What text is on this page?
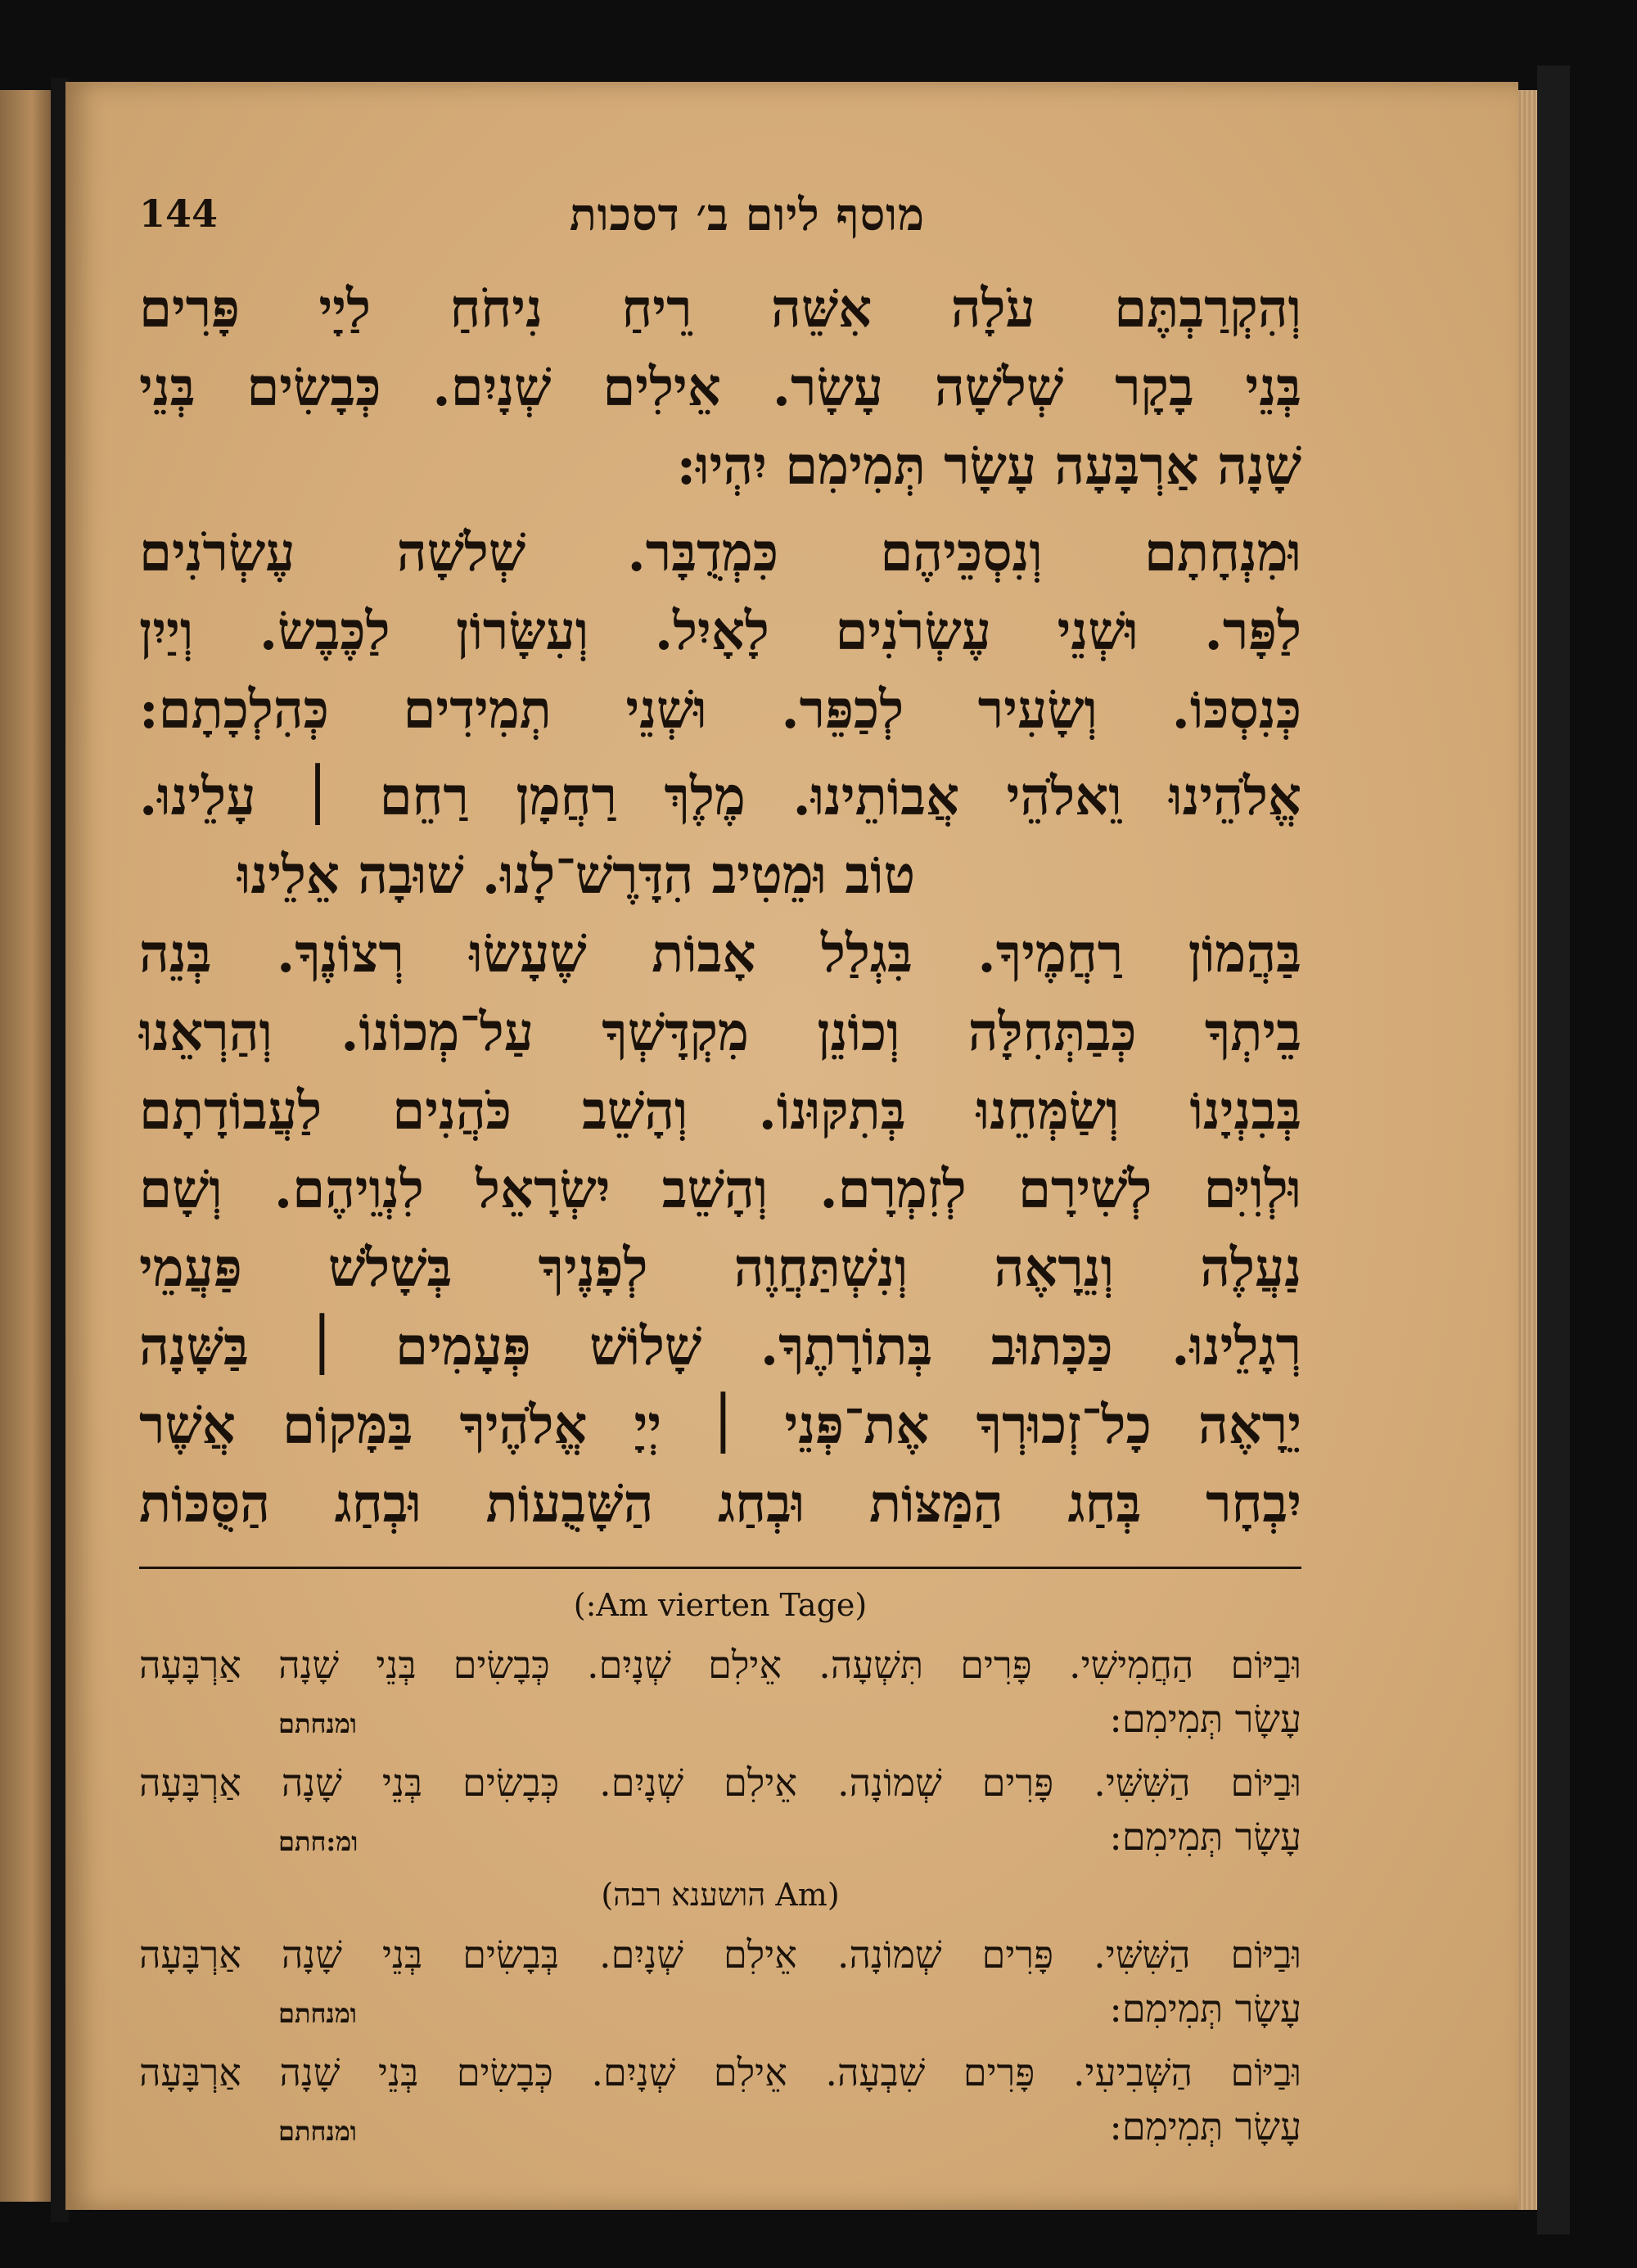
מוסף ליום ב׳ דסכות
144

וְהִקְרַבְתֶּם עֹלָה אִשֵּׁה רֵיחַ נִיחֹחַ לַיָי פָּרִים

בְּנֵי בָקָר שְׁלשָׁה עָשָׂר. אֵילִים שְׁנָיִם. כְּבָשִׂים בְּנֵי

שָׁנָה אַרְבָּעָה עָשָׂר תְּמִימִם יִהְיוּ:

וּמִנְחָתָם וְנִסְכֵּיהֶם כִּמְדֻבָּר. שְׁלשָׁה עֶשְׂרֹנִים

לַפָּר. וּשְׁנֵי עֶשְׂרֹנִים לָאָיִל. וְעִשָּׂרוֹן לַכֶּבֶשׂ. וְיַיִן

כְּנִסְכּוֹ. וְשָׂעִיר לְכַפֵּר. וּשְׁנֵי תְמִידִים כְּהִלְכָתָם:

אֱלֹהֵינוּ וֵאלֹהֵי אֲבוֹתֵינוּ. מֶלֶךְ רַחֲמָן רַחֵם ׀ עָלֵינוּ.

טוֹב וּמֵטִיב הִדָּרֶשׁ־לָנוּ. שׁוּבָה אֵלֵינוּ

בַּהֲמוֹן רַחֲמֶיךָ. בִּגְלַל אָבוֹת שֶׁעָשׂוּ רְצוֹנֶךָ. בְּנֵה

בֵיתְךָ כְּבַתְּחִלָּה וְכוֹנֵן מִקְדָּשְׁךָ עַל־מְכוֹנוֹ. וְהַרְאֵנוּ

בְּבִנְיָנוֹ וְשַׂמְּחֵנוּ בְּתִקּוּנוֹ. וְהָשֵׁב כֹּהֲנִים לַעֲבוֹדָתָם

וּלְוִיִּם לְשִׁירָם לְזִמְרָם. וְהָשֵׁב יִשְׂרָאֵל לִנְוֵיהֶם. וְשָׁם

נַעֲלֶה וְנֵרָאֶה וְנִשְׁתַּחֲוֶה לְפָנֶיךָ בְּשָׁלֹשׁ פַּעֲמֵי

רְגָלֵינוּ. כַּכָּתוּב בְּתוֹרָתֶךָ. שָׁלוֹשׁ פְּעָמִים ׀ בַּשָּׁנָה

יֵרָאֶה כָל־זְכוּרְךָ אֶת־פְּנֵי ׀ יְיָ אֱלֹהֶיךָ בַּמָּקוֹם אֲשֶׁר

יִבְחָר בְּחַג הַמַּצּוֹת וּבְחַג הַשָּׁבֻעוֹת וּבְחַג הַסֻּכּוֹת

(Am vierten Tage:)
וּבַיּוֹם הַחֲמִישִׁי. פָּרִים תִּשְׁעָה. אֵילִם שְׁנָיִם. כְּבָשִׂים בְּנֵי שָׁנָה אַרְבָּעָה
עָשָׂר תְּמִימִם:
ומנחתם
וּבַיּוֹם הַשִּׁשִּׁי. פָּרִים שְׁמוֹנָה. אֵילִם שְׁנָיִם. כְּבָשִׂים בְּנֵי שָׁנָה אַרְבָּעָה
עָשָׂר תְּמִימִם:
ומ:חתם
(Am הושענא רבה)
וּבַיּוֹם הַשִּׁשִּׁי. פָּרִים שְׁמוֹנָה. אֵילִם שְׁנָיִם. בְּבָשִׂים בְּנֵי שָׁנָה אַרְבָּעָה
עָשָׂר תְּמִימִם:
ומנחתם
וּבַיּוֹם הַשְּׁבִיעִי. פָּרִים שִׁבְעָה. אֵילִם שְׁנָיִם. כְּבָשִׂים בְּנֵי שָׁנָה אַרְבָּעָה
עָשָׂר תְּמִימִם:
ומנחתם
